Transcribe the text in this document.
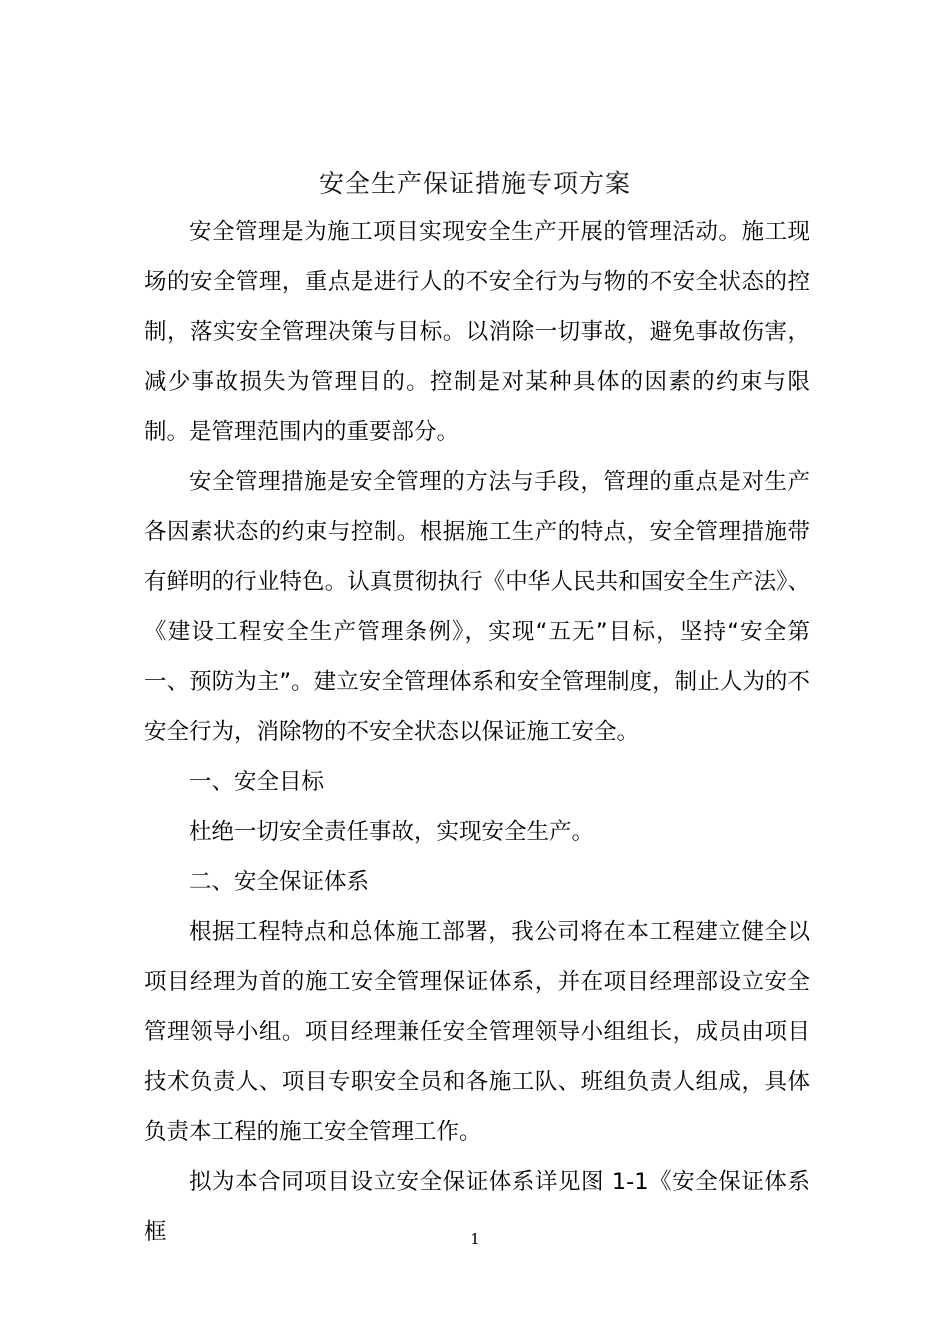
安全生产保证措施专项方案

安全管理是为施工项目实现安全生产开展的管理活动。施工现场的安全管理，重点是进行人的不安全行为与物的不安全状态的控制，落实安全管理决策与目标。以消除一切事故，避免事故伤害，减少事故损失为管理目的。控制是对某种具体的因素的约束与限制。是管理范围内的重要部分。

安全管理措施是安全管理的方法与手段，管理的重点是对生产各因素状态的约束与控制。根据施工生产的特点，安全管理措施带有鲜明的行业特色。认真贯彻执行《中华人民共和国安全生产法》、《建设工程安全生产管理条例》，实现“五无”目标，坚持“安全第一、预防为主”。建立安全管理体系和安全管理制度，制止人为的不安全行为，消除物的不安全状态以保证施工安全。

一、安全目标

杜绝一切安全责任事故，实现安全生产。

二、安全保证体系

根据工程特点和总体施工部署，我公司将在本工程建立健全以项目经理为首的施工安全管理保证体系，并在项目经理部设立安全管理领导小组。项目经理兼任安全管理领导小组组长，成员由项目技术负责人、项目专职安全员和各施工队、班组负责人组成，具体负责本工程的施工安全管理工作。

拟为本合同项目设立安全保证体系详见图 1-1《安全保证体系框	1
